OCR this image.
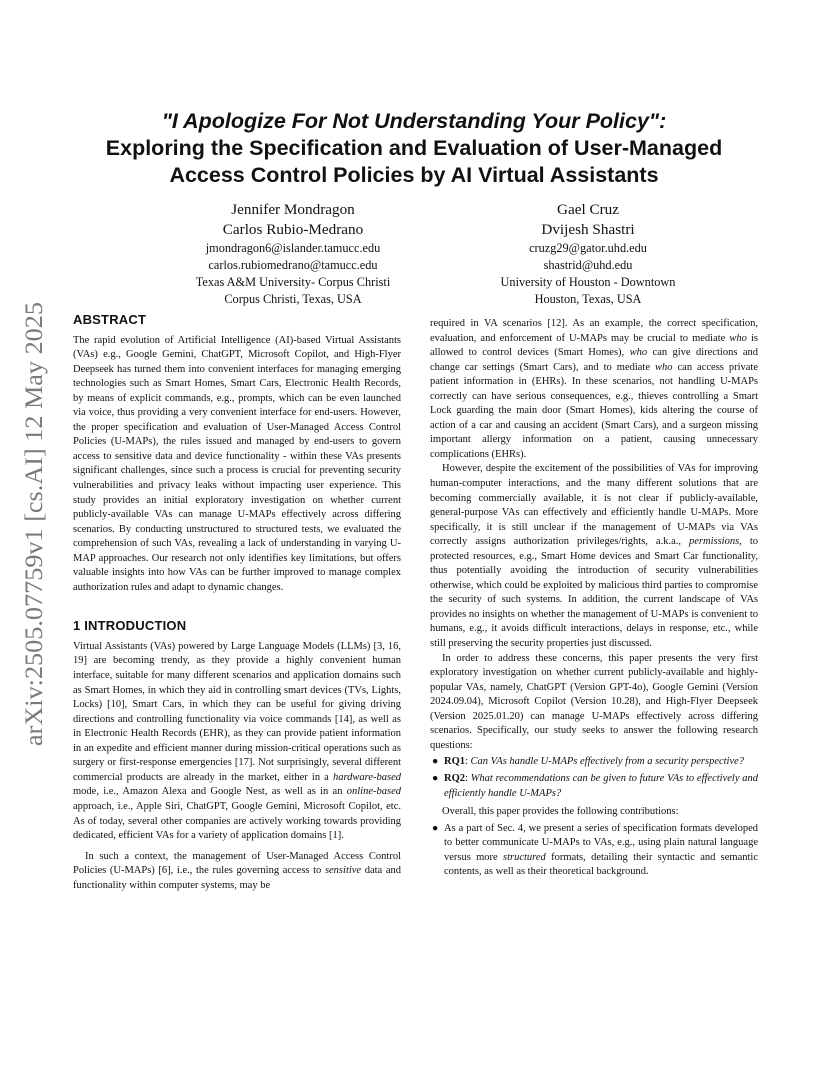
arXiv:2505.07759v1 [cs.AI] 12 May 2025
"I Apologize For Not Understanding Your Policy":
Exploring the Specification and Evaluation of User-Managed
Access Control Policies by AI Virtual Assistants
Jennifer Mondragon
Carlos Rubio-Medrano
jmondragon6@islander.tamucc.edu
carlos.rubiomedrano@tamucc.edu
Texas A&M University- Corpus Christi
Corpus Christi, Texas, USA
Gael Cruz
Dvijesh Shastri
cruzg29@gator.uhd.edu
shastrid@uhd.edu
University of Houston - Downtown
Houston, Texas, USA
ABSTRACT

The rapid evolution of Artificial Intelligence (AI)-based Virtual Assistants (VAs) e.g., Google Gemini, ChatGPT, Microsoft Copilot, and High-Flyer Deepseek has turned them into convenient interfaces for managing emerging technologies such as Smart Homes, Smart Cars, Electronic Health Records, by means of explicit commands, e.g., prompts, which can be even launched via voice, thus providing a very convenient interface for end-users. However, the proper specification and evaluation of User-Managed Access Control Policies (U-MAPs), the rules issued and managed by end-users to govern access to sensitive data and device functionality - within these VAs presents significant challenges, since such a process is crucial for preventing security vulnerabilities and privacy leaks without impacting user experience. This study provides an initial exploratory investigation on whether current publicly-available VAs can manage U-MAPs effectively across differing scenarios. By conducting unstructured to structured tests, we evaluated the comprehension of such VAs, revealing a lack of understanding in varying U-MAP approaches. Our research not only identifies key limitations, but offers valuable insights into how VAs can be further improved to manage complex authorization rules and adapt to dynamic changes.

1 INTRODUCTION

Virtual Assistants (VAs) powered by Large Language Models (LLMs) [3, 16, 19] are becoming trendy, as they provide a highly convenient human interface, suitable for many different scenarios and application domains such as Smart Homes, in which they aid in controlling smart devices (TVs, Lights, Locks) [10], Smart Cars, in which they can be useful for giving driving directions and controlling functionality via voice commands [14], as well as in Electronic Health Records (EHR), as they can provide patient information in an expedite and efficient manner during mission-critical operations such as surgery or first-response emergencies [17]. Not surprisingly, several different commercial products are already in the market, either in a hardware-based mode, i.e., Amazon Alexa and Google Nest, as well as in an online-based approach, i.e., Apple Siri, ChatGPT, Google Gemini, Microsoft Copilot, etc. As of today, several other companies are actively working towards providing dedicated, efficient VAs for a variety of application domains [1].

In such a context, the management of User-Managed Access Control Policies (U-MAPs) [6], i.e., the rules governing access to sensitive data and functionality within computer systems, may be

required in VA scenarios [12]. As an example, the correct specification, evaluation, and enforcement of U-MAPs may be crucial to mediate who is allowed to control devices (Smart Homes), who can give directions and change car settings (Smart Cars), and to mediate who can access private patient information in (EHRs). In these scenarios, not handling U-MAPs correctly can have serious consequences, e.g., thieves controlling a Smart Lock guarding the main door (Smart Homes), kids altering the course of action of a car and causing an accident (Smart Cars), and a surgeon missing important allergy information on a patient, causing unnecessary complications (EHRs).

However, despite the excitement of the possibilities of VAs for improving human-computer interactions, and the many different solutions that are becoming commercially available, it is not clear if publicly-available, general-purpose VAs can effectively and efficiently handle U-MAPs. More specifically, it is still unclear if the management of U-MAPs via VAs correctly assigns authorization privileges/rights, a.k.a., permissions, to protected resources, e.g., Smart Home devices and Smart Car functionality, thus potentially avoiding the introduction of security vulnerabilities otherwise, which could be exploited by malicious third parties to compromise the security of such systems. In addition, the current landscape of VAs provides no insights on whether the management of U-MAPs is convenient to humans, e.g., it avoids difficult interactions, delays in response, etc., while still preserving the security properties just discussed.

In order to address these concerns, this paper presents the very first exploratory investigation on whether current publicly-available and highly-popular VAs, namely, ChatGPT (Version GPT-4o), Google Gemini (Version 2024.09.04), Microsoft Copilot (Version 10.28), and High-Flyer Deepseek (Version 2025.01.20) can manage U-MAPs effectively across differing scenarios. Specifically, our study seeks to answer the following research questions:

● RQ1: Can VAs handle U-MAPs effectively from a security perspective?
● RQ2: What recommendations can be given to future VAs to effectively and efficiently handle U-MAPs?

Overall, this paper provides the following contributions:

● As a part of Sec. 4, we present a series of specification formats developed to better communicate U-MAPs to VAs, e.g., using plain natural language versus more structured formats, detailing their syntactic and semantic contents, as well as their theoretical background.
